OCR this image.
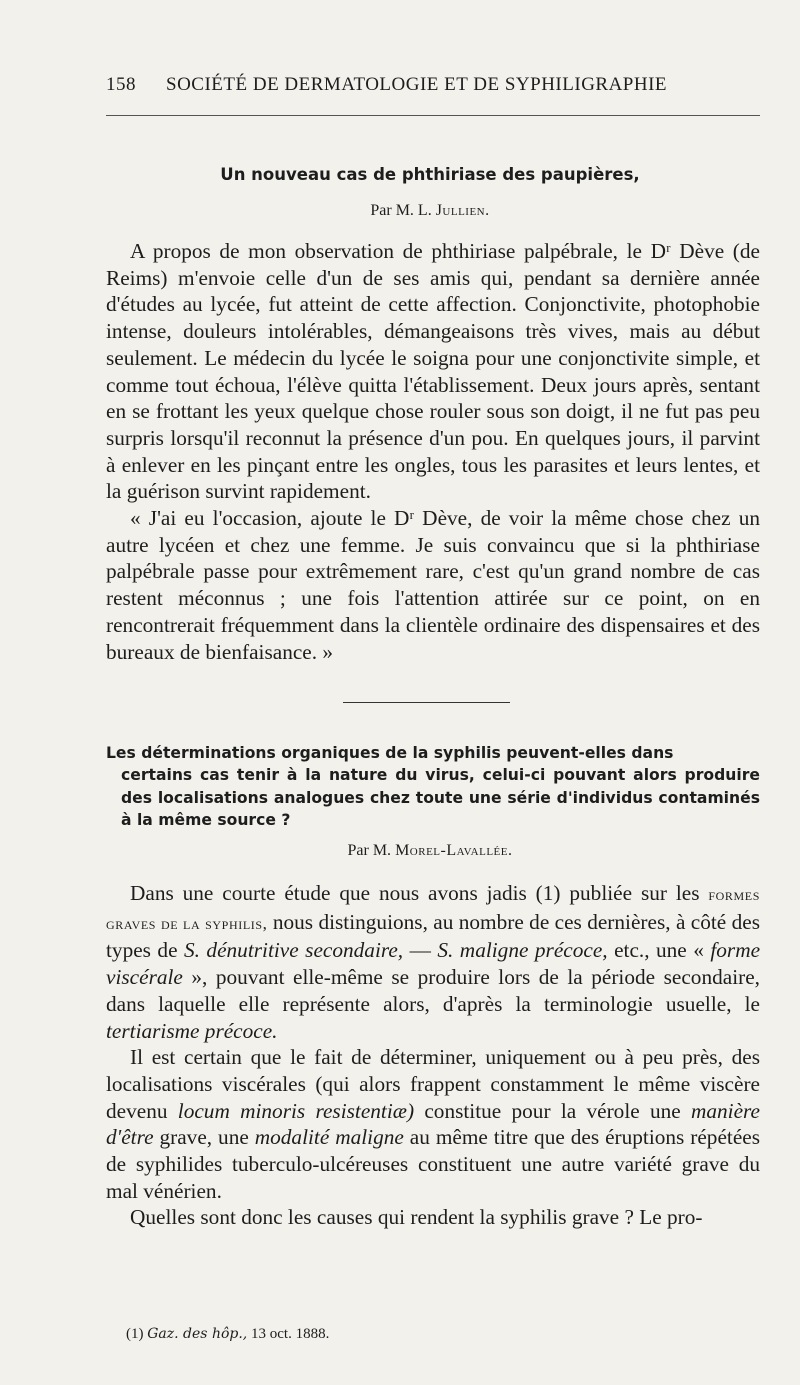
158	SOCIÉTÉ DE DERMATOLOGIE ET DE SYPHILIGRAPHIE
Un nouveau cas de phthiriase des paupières,
Par M. L. Jullien.

A propos de mon observation de phthiriase palpébrale, le Dʳ Dève (de Reims) m'envoie celle d'un de ses amis qui, pendant sa dernière année d'études au lycée, fut atteint de cette affection. Conjonctivite, photophobie intense, douleurs intolérables, démangeaisons très vives, mais au début seulement. Le médecin du lycée le soigna pour une conjonctivite simple, et comme tout échoua, l'élève quitta l'établissement. Deux jours après, sentant en se frottant les yeux quelque chose rouler sous son doigt, il ne fut pas peu surpris lorsqu'il reconnut la présence d'un pou. En quelques jours, il parvint à enlever en les pinçant entre les ongles, tous les parasites et leurs lentes, et la guérison survint rapidement.

« J'ai eu l'occasion, ajoute le Dʳ Dève, de voir la même chose chez un autre lycéen et chez une femme. Je suis convaincu que si la phthiriase palpébrale passe pour extrêmement rare, c'est qu'un grand nombre de cas restent méconnus ; une fois l'attention attirée sur ce point, on en rencontrerait fréquemment dans la clientèle ordinaire des dispensaires et des bureaux de bienfaisance. »

Les déterminations organiques de la syphilis peuvent-elles dans
certains cas tenir à la nature du virus, celui-ci pouvant alors produire des localisations analogues chez toute une série d'individus contaminés à la même source ?
Par M. Morel-Lavallée.

Dans une courte étude que nous avons jadis (1) publiée sur les formes graves de la syphilis, nous distinguions, au nombre de ces dernières, à côté des types de S. dénutritive secondaire, — S. maligne précoce, etc., une « forme viscérale », pouvant elle-même se produire lors de la période secondaire, dans laquelle elle représente alors, d'après la terminologie usuelle, le tertiarisme précoce.

Il est certain que le fait de déterminer, uniquement ou à peu près, des localisations viscérales (qui alors frappent constamment le même viscère devenu locum minoris resistentiæ) constitue pour la vérole une manière d'être grave, une modalité maligne au même titre que des éruptions répétées de syphilides tuberculo-ulcéreuses constituent une autre variété grave du mal vénérien.

Quelles sont donc les causes qui rendent la syphilis grave ? Le pro-

(1) Gaz. des hôp., 13 oct. 1888.
